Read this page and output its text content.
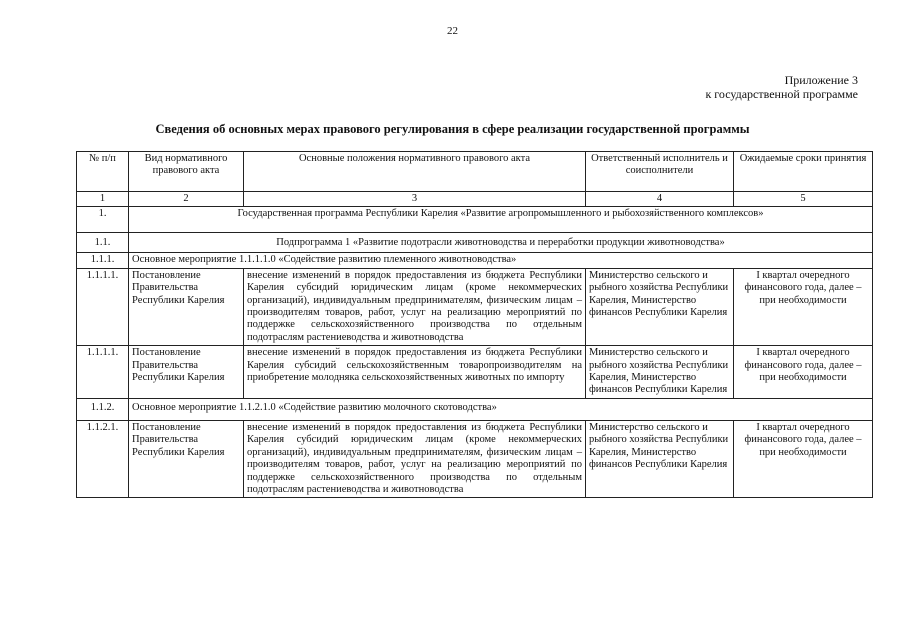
22
Приложение 3
к государственной программе
Сведения об основных мерах правового регулирования в сфере реализации государственной программы
№ п/п	Вид нормативного правового акта	Основные положения нормативного правового акта	Ответственный исполнитель и соисполнители	Ожидаемые сроки принятия
1	2	3	4	5
1.	Государственная программа Республики Карелия «Развитие агропромышленного и рыбохозяйственного комплексов»			
1.1.	Подпрограмма 1 «Развитие подотрасли животноводства и переработки продукции животноводства»			
1.1.1.	Основное мероприятие 1.1.1.1.0 «Содействие развитию племенного животноводства»			
1.1.1.1.	Постановление Правительства Республики Карелия	внесение изменений в порядок предоставления из бюджета Республики Карелия субсидий юридическим лицам (кроме некоммерческих организаций), индивидуальным предпринимателям, физическим лицам – производителям товаров, работ, услуг на реализацию мероприятий по поддержке сельскохозяйственного производства по отдельным подотраслям растениеводства и животноводства	Министерство сельского и рыбного хозяйства Республики Карелия, Министерство финансов Республики Карелия	I квартал очередного финансового года, далее – при необходимости
1.1.1.1.	Постановление Правительства Республики Карелия	внесение изменений в порядок предоставления из бюджета Республики Карелия субсидий сельскохозяйственным товаропроизводителям на приобретение молодняка сельскохозяйственных животных по импорту	Министерство сельского и рыбного хозяйства Республики Карелия, Министерство финансов Республики Карелия	I квартал очередного финансового года, далее – при необходимости
1.1.2.	Основное мероприятие 1.1.2.1.0 «Содействие развитию молочного скотоводства»			
1.1.2.1.	Постановление Правительства Республики Карелия	внесение изменений в порядок предоставления из бюджета Республики Карелия субсидий юридическим лицам (кроме некоммерческих организаций), индивидуальным предпринимателям, физическим лицам – производителям товаров, работ, услуг на реализацию мероприятий по поддержке сельскохозяйственного производства по отдельным подотраслям растениеводства и животноводства	Министерство сельского и рыбного хозяйства Республики Карелия, Министерство финансов Республики Карелия	I квартал очередного финансового года, далее – при необходимости
